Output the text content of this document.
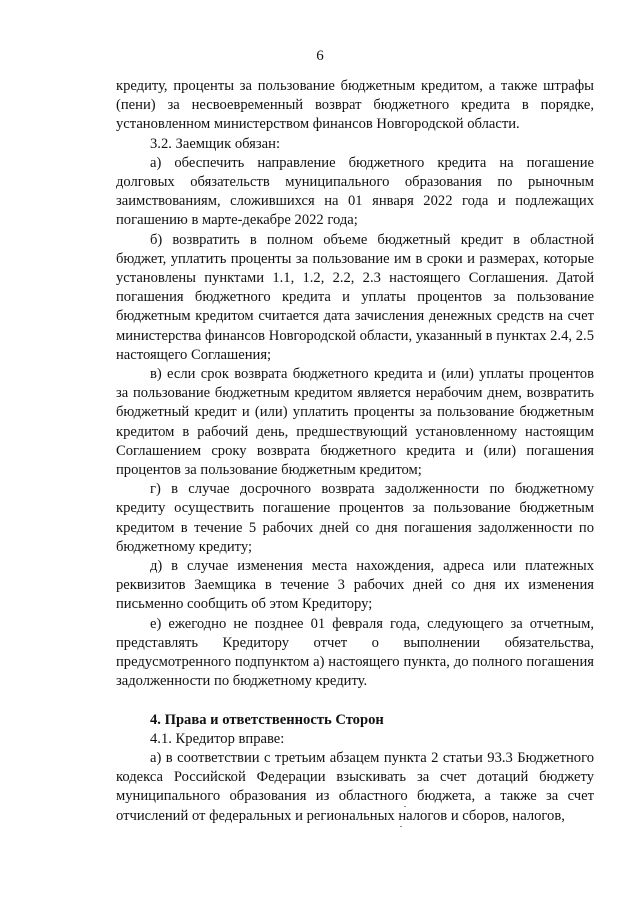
6

кредиту, проценты за пользование бюджетным кредитом, а также штрафы (пени) за несвоевременный возврат бюджетного кредита в порядке, установленном министерством финансов Новгородской области.

3.2. Заемщик обязан:

а) обеспечить направление бюджетного кредита на погашение долговых обязательств муниципального образования по рыночным заимствованиям, сложившихся на 01 января 2022 года и подлежащих погашению в марте-декабре 2022 года;

б) возвратить в полном объеме бюджетный кредит в областной бюджет, уплатить проценты за пользование им в сроки и размерах, которые установлены пунктами 1.1, 1.2, 2.2, 2.3 настоящего Соглашения. Датой погашения бюджетного кредита и уплаты процентов за пользование бюджетным кредитом считается дата зачисления денежных средств на счет министерства финансов Новгородской области, указанный в пунктах 2.4, 2.5 настоящего Соглашения;

в) если срок возврата бюджетного кредита и (или) уплаты процентов за пользование бюджетным кредитом является нерабочим днем, возвратить бюджетный кредит и (или) уплатить проценты за пользование бюджетным кредитом в рабочий день, предшествующий установленному настоящим Соглашением сроку возврата бюджетного кредита и (или) погашения процентов за пользование бюджетным кредитом;

г) в случае досрочного возврата задолженности по бюджетному кредиту осуществить погашение процентов за пользование бюджетным кредитом в течение 5 рабочих дней со дня погашения задолженности по бюджетному кредиту;

д) в случае изменения места нахождения, адреса или платежных реквизитов Заемщика в течение 3 рабочих дней со дня их изменения письменно сообщить об этом Кредитору;

е) ежегодно не позднее 01 февраля года, следующего за отчетным, представлять Кредитору отчет о выполнении обязательства, предусмотренного подпунктом а) настоящего пункта, до полного погашения задолженности по бюджетному кредиту.

4. Права и ответственность Сторон

4.1. Кредитор вправе:

а) в соответствии с третьим абзацем пункта 2 статьи 93.3 Бюджетного кодекса Российской Федерации взыскивать за счет дотаций бюджету муниципального образования из областного бюджета, а также за счет отчислений от федеральных и региональных налогов и сборов, налогов,
